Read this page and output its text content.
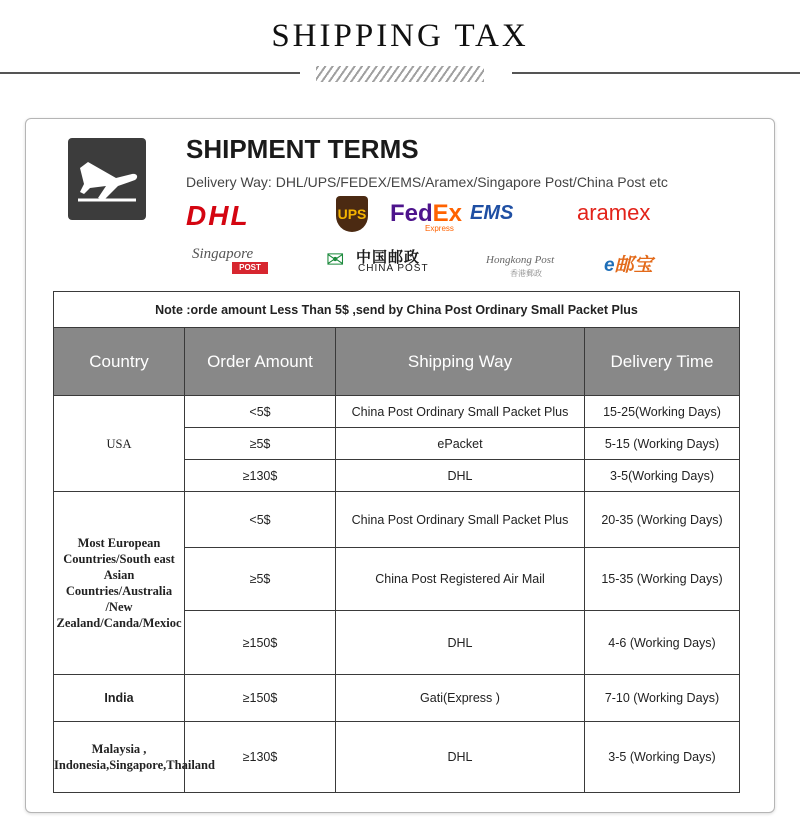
SHIPPING TAX
SHIPMENT TERMS
Delivery Way: DHL/UPS/FEDEX/EMS/Aramex/Singapore Post/China Post etc
DHL	UPS FedEx
Express
EMS	aramex
Singapore
POST	✉ 中国邮政
CHINA POST
Hongkong Post
香港郵政	e邮宝
Note :orde amount Less Than 5$ ,send by China Post Ordinary Small Packet Plus			
Country	Order Amount	Shipping Way	Delivery Time
USA	<5$	China Post Ordinary Small Packet Plus	15-25(Working Days)
	≥5$	ePacket	5-15 (Working Days)
	≥130$	DHL	3-5(Working Days)
Most European Countries/South east Asian Countries/Australia /New Zealand/Canda/Mexioc	<5$	China Post Ordinary Small Packet Plus	20-35 (Working Days)
	≥5$	China Post Registered Air Mail	15-35 (Working Days)
	≥150$	DHL	4-6 (Working Days)
India	≥150$	Gati(Express )	7-10 (Working Days)
Malaysia , Indonesia,Singapore,Thailand	≥130$	DHL	3-5 (Working Days)
